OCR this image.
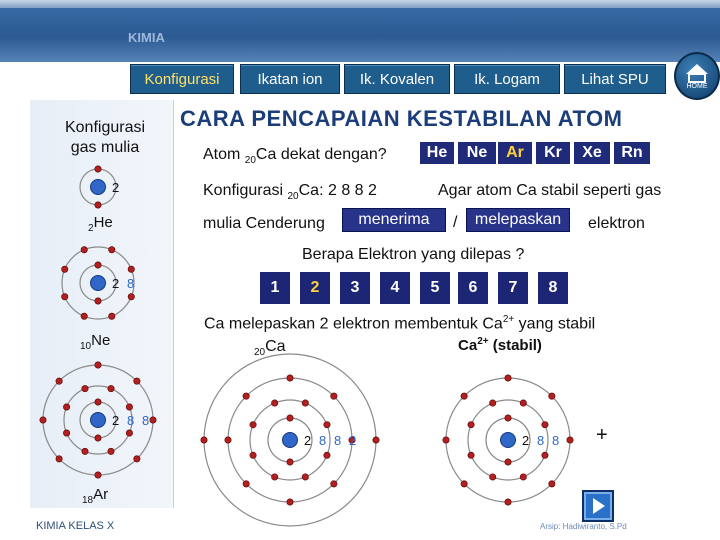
KIMIA
Konfigurasi	Ikatan ion	Ik. Kovalen	Ik. Logam	Lihat SPU	HOME
Konfigurasi
gas mulia
2
2 8
2 8 8
2 8 8 2	2 8 8
$_2$He
$_{10}$Ne
$_{18}$Ar
CARA PENCAPAIAN KESTABILAN ATOM
Atom $_{20}$Ca dekat dengan?	He	Ne	Ar	Kr	Xe	Rn
Konfigurasi $_{20}$Ca: 2 8 8 2	Agar atom Ca stabil seperti gas
mulia Cenderung	menerima	/	melepaskan	elektron
Berapa Elektron yang dilepas ?
1	2	3	4	5	6	7	8
Ca melepaskan 2 elektron membentuk $Ca^{2+}$ yang stabil
$_{20}$Ca	$Ca^{2+}$ (stabil)
+
KIMIA KELAS X	Arsip: Hadiwiranto, S.Pd
